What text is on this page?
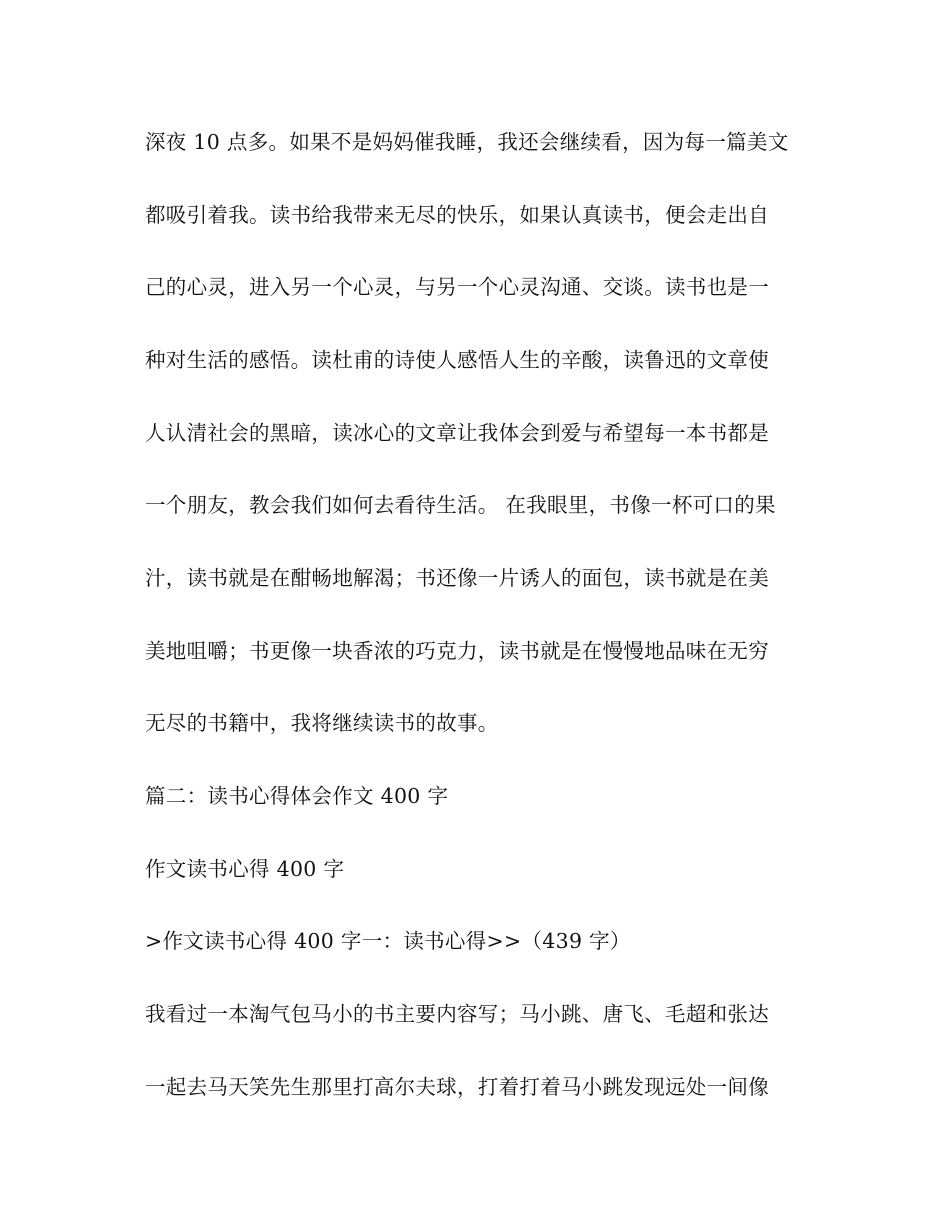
深夜 10 点多。如果不是妈妈催我睡，我还会继续看，因为每一篇美文
都吸引着我。读书给我带来无尽的快乐，如果认真读书，便会走出自
己的心灵，进入另一个心灵，与另一个心灵沟通、交谈。读书也是一
种对生活的感悟。读杜甫的诗使人感悟人生的辛酸，读鲁迅的文章使
人认清社会的黑暗，读冰心的文章让我体会到爱与希望每一本书都是
一个朋友，教会我们如何去看待生活。 在我眼里，书像一杯可口的果
汁，读书就是在酣畅地解渴；书还像一片诱人的面包，读书就是在美
美地咀嚼；书更像一块香浓的巧克力，读书就是在慢慢地品味在无穷
无尽的书籍中，我将继续读书的故事。
篇二：读书心得体会作文 400 字
作文读书心得 400 字
>作文读书心得 400 字一：读书心得>>（439 字）
我看过一本淘气包马小的书主要内容写；马小跳、唐飞、毛超和张达
一起去马天笑先生那里打高尔夫球，打着打着马小跳发现远处一间像
